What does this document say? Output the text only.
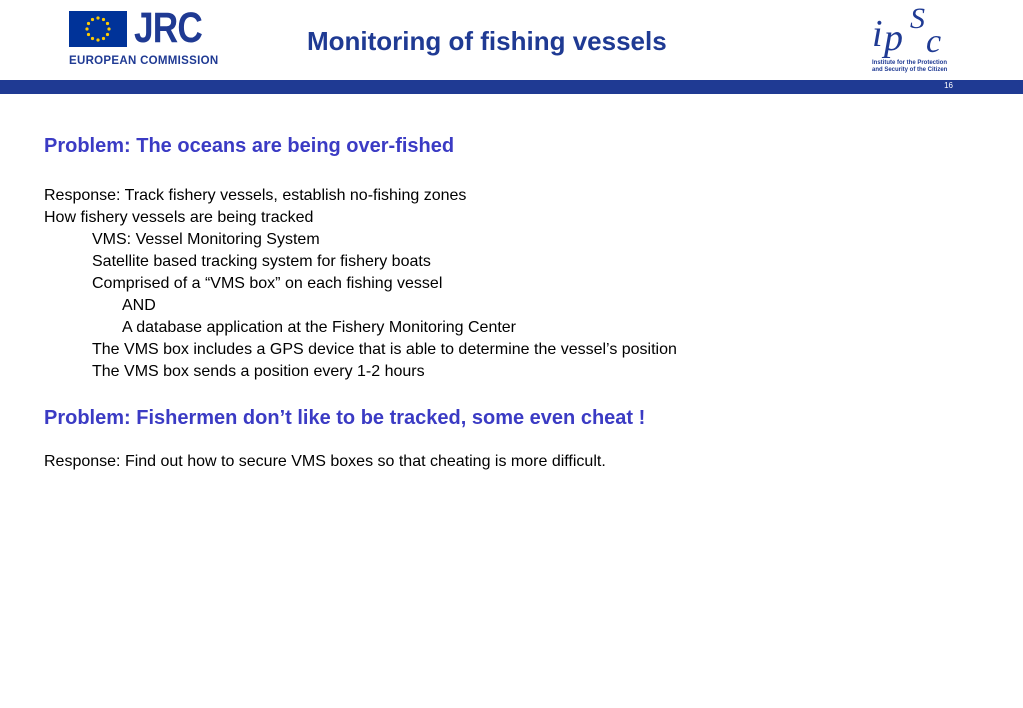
JRC
EUROPEAN COMMISSION
Monitoring of fishing vessels	i p S
c
Institute for the Protection
and Security of the Citizen
16

Problem: The oceans are being over-fished

Response: Track fishery vessels, establish no-fishing zones
How fishery vessels are being tracked
VMS: Vessel Monitoring System
Satellite based tracking system for fishery boats
Comprised of a “VMS box” on each fishing vessel
AND
A database application at the Fishery Monitoring Center
The VMS box includes a GPS device that is able to determine the vessel’s position
The VMS box sends a position every 1-2 hours

Problem: Fishermen don’t like to be tracked, some even cheat !

Response: Find out how to secure VMS boxes so that cheating is more difficult.
